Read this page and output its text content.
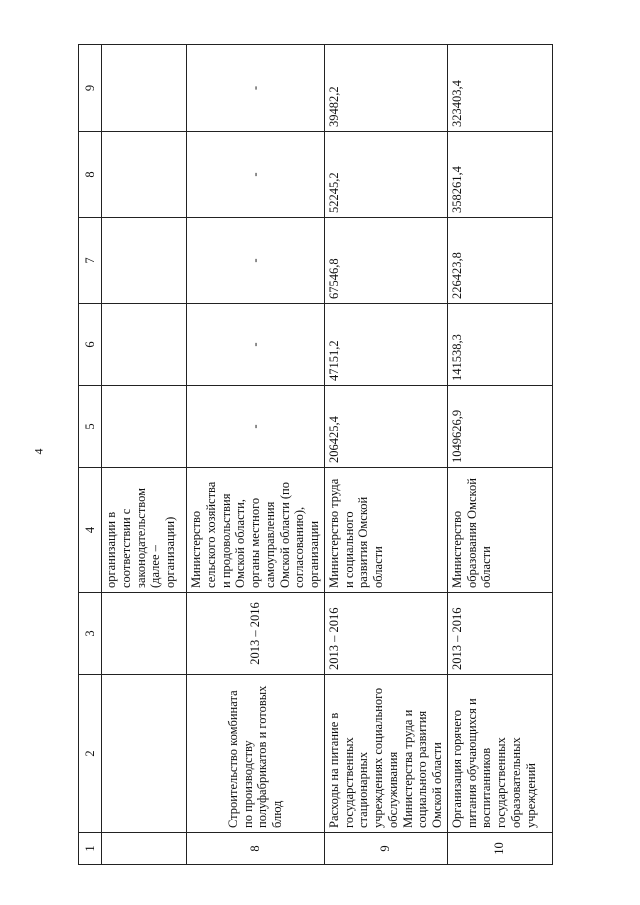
4
1	2	3	4	5	6	7	8	9
			организации в соответствии с законодательством (далее – организации)					
8	Строительство комбината по производству полуфабрикатов и готовых блюд	2013 – 2016	Министерство сельского хозяйства и продовольствия Омской области, органы местного самоуправления Омской области (по согласованию), организации	-	-	-	-	-
9	Расходы на питание в государственных стационарных учреждениях социального обслуживания Министерства труда и социального развития Омской области	2013 – 2016	Министерство труда и социального развития Омской области	206425,4	47151,2	67546,8	52245,2	39482,2
10	Организация горячего питания обучающихся и воспитанников государственных образовательных учреждений	2013 – 2016	Министерство образования Омской области	1049626,9	141538,3	226423,8	358261,4	323403,4
